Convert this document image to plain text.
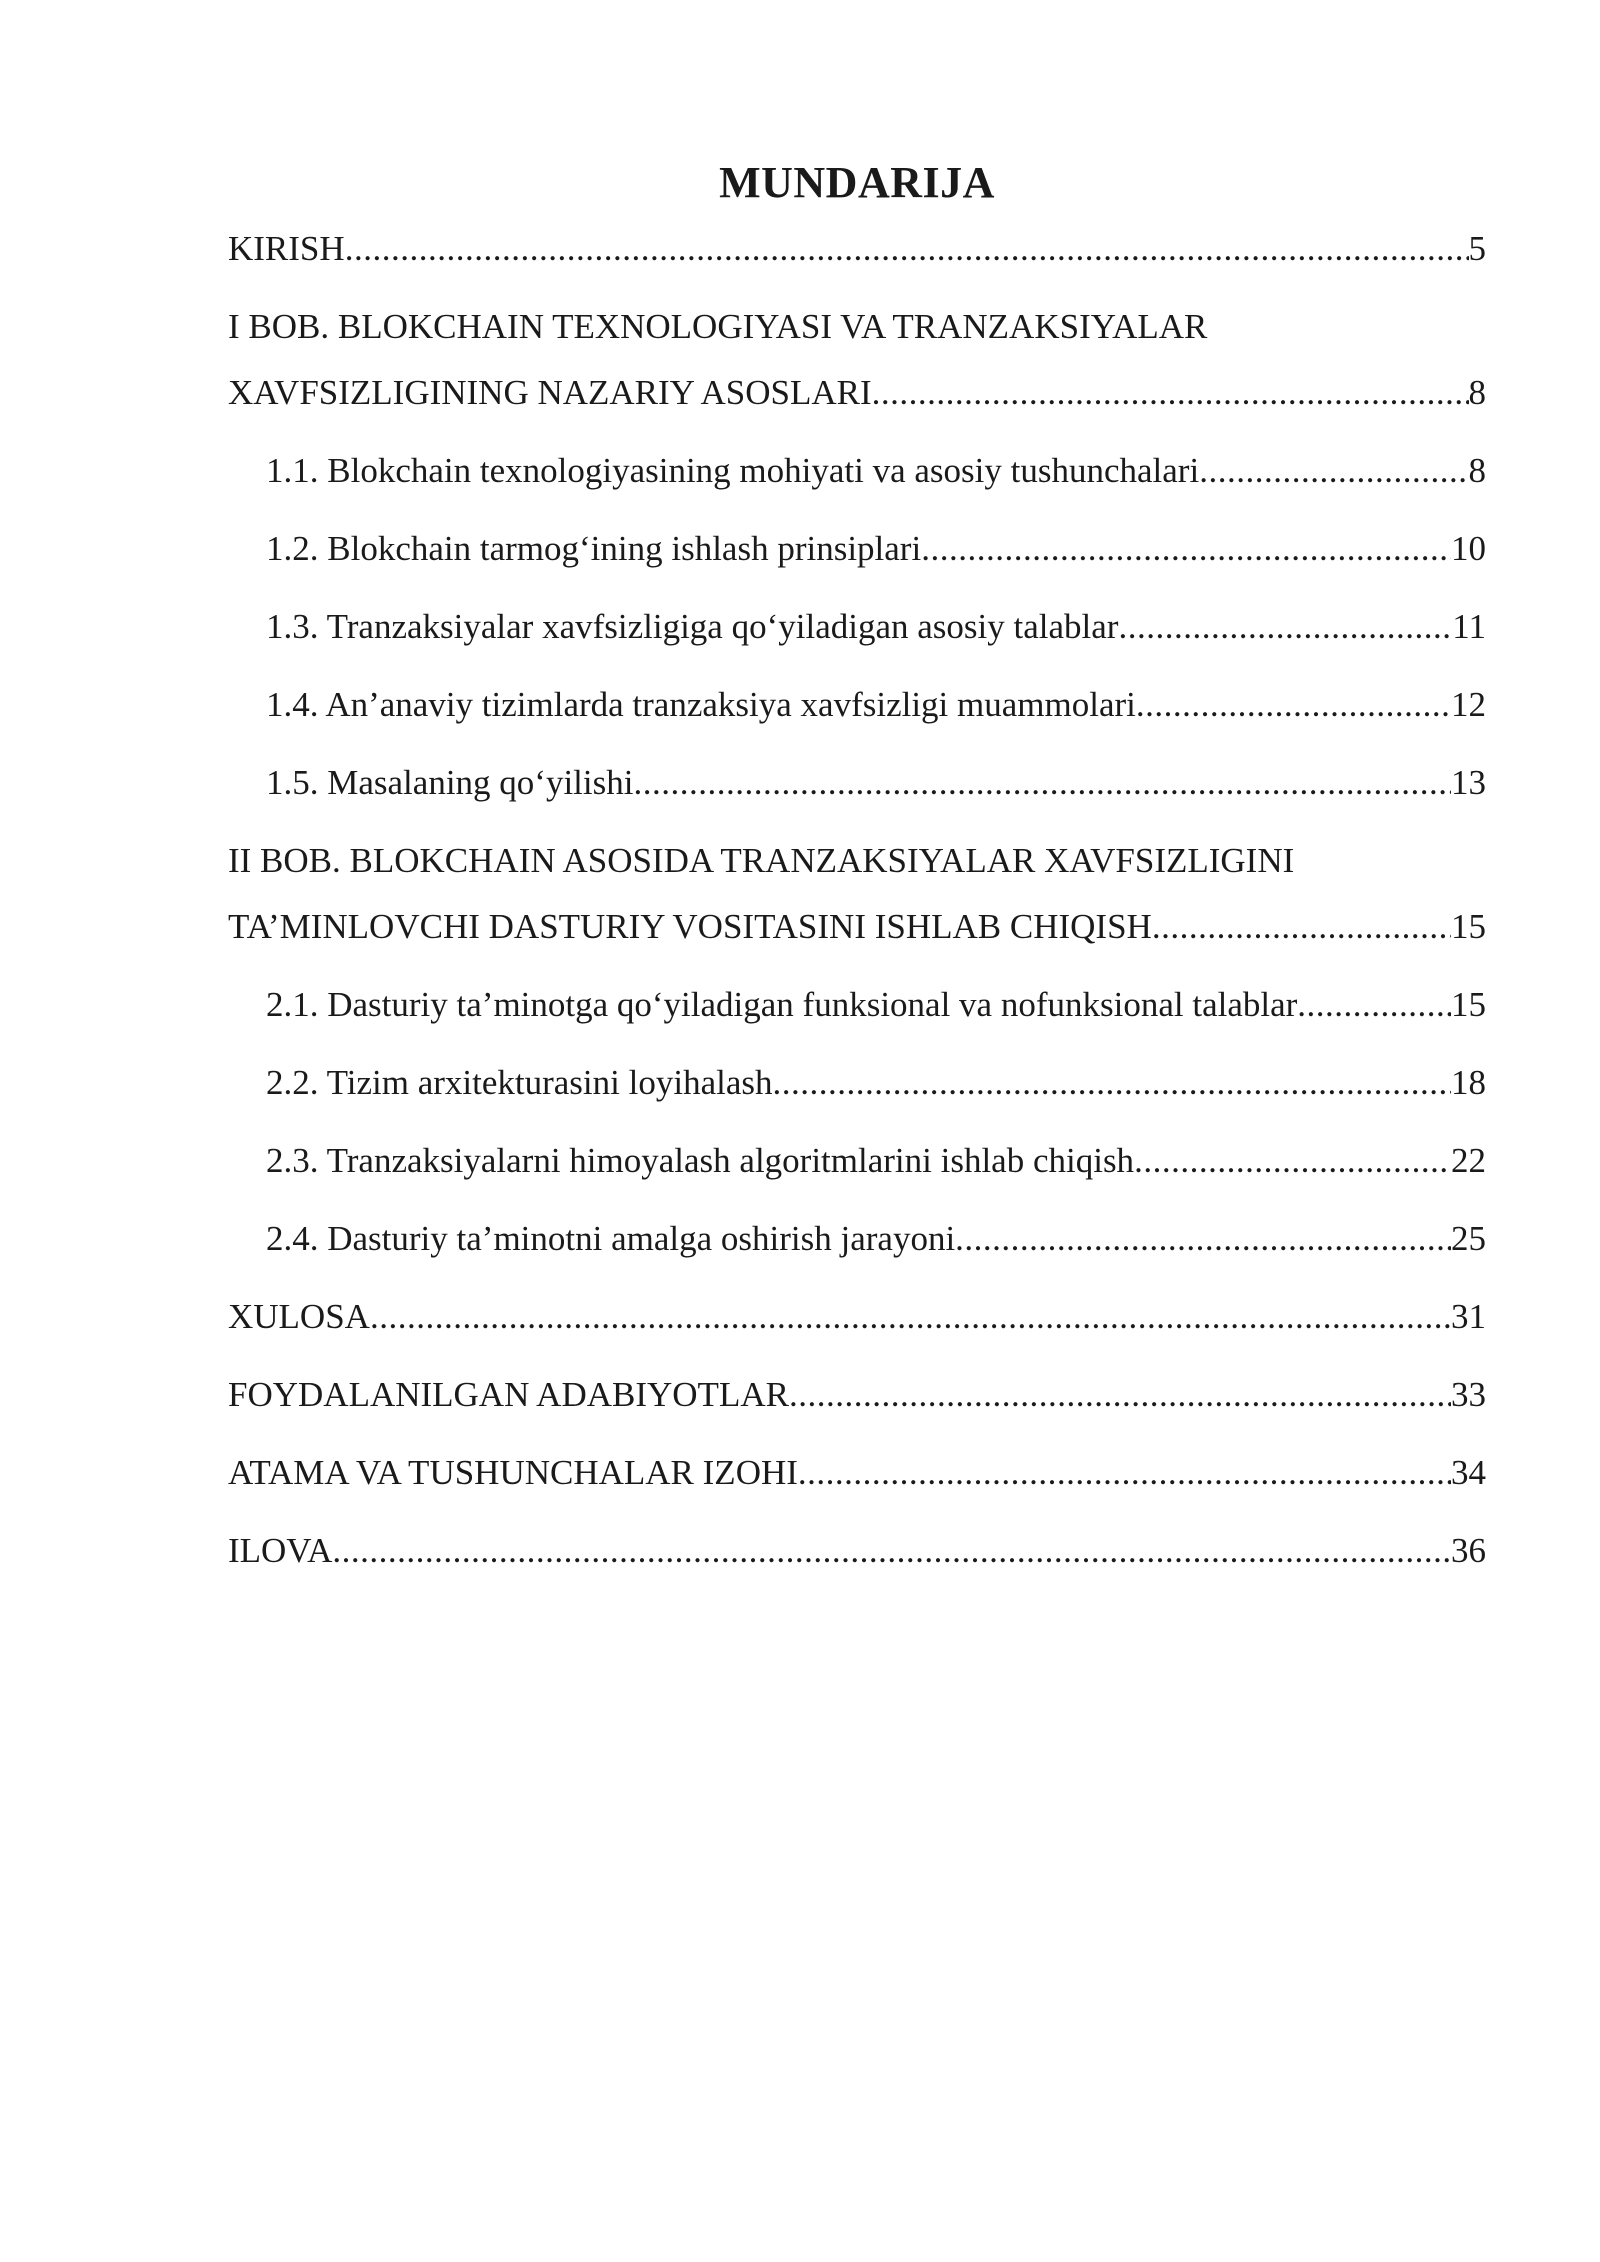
MUNDARIJA
KIRISH .....	5
I BOB. BLOKCHAIN TEXNOLOGIYASI VA TRANZAKSIYALAR
XAVFSIZLIGINING NAZARIY ASOSLARI .....	8
1.1. Blokchain texnologiyasining mohiyati va asosiy tushunchalari .....	8
1.2. Blokchain tarmog‘ining ishlash prinsiplari .....	10
1.3. Tranzaksiyalar xavfsizligiga qo‘yiladigan asosiy talablar .....	11
1.4. An’anaviy tizimlarda tranzaksiya xavfsizligi muammolari .....	12
1.5. Masalaning qo‘yilishi .....	13
II BOB. BLOKCHAIN ASOSIDA TRANZAKSIYALAR XAVFSIZLIGINI
TA’MINLOVCHI DASTURIY VOSITASINI ISHLAB CHIQISH .....	15
2.1. Dasturiy ta’minotga qo‘yiladigan funksional va nofunksional talablar .....	15
2.2. Tizim arxitekturasini loyihalash .....	18
2.3. Tranzaksiyalarni himoyalash algoritmlarini ishlab chiqish .....	22
2.4. Dasturiy ta’minotni amalga oshirish jarayoni .....	25
XULOSA .....	31
FOYDALANILGAN ADABIYOTLAR .....	33
ATAMA VA TUSHUNCHALAR IZOHI .....	34
ILOVA .....	36
